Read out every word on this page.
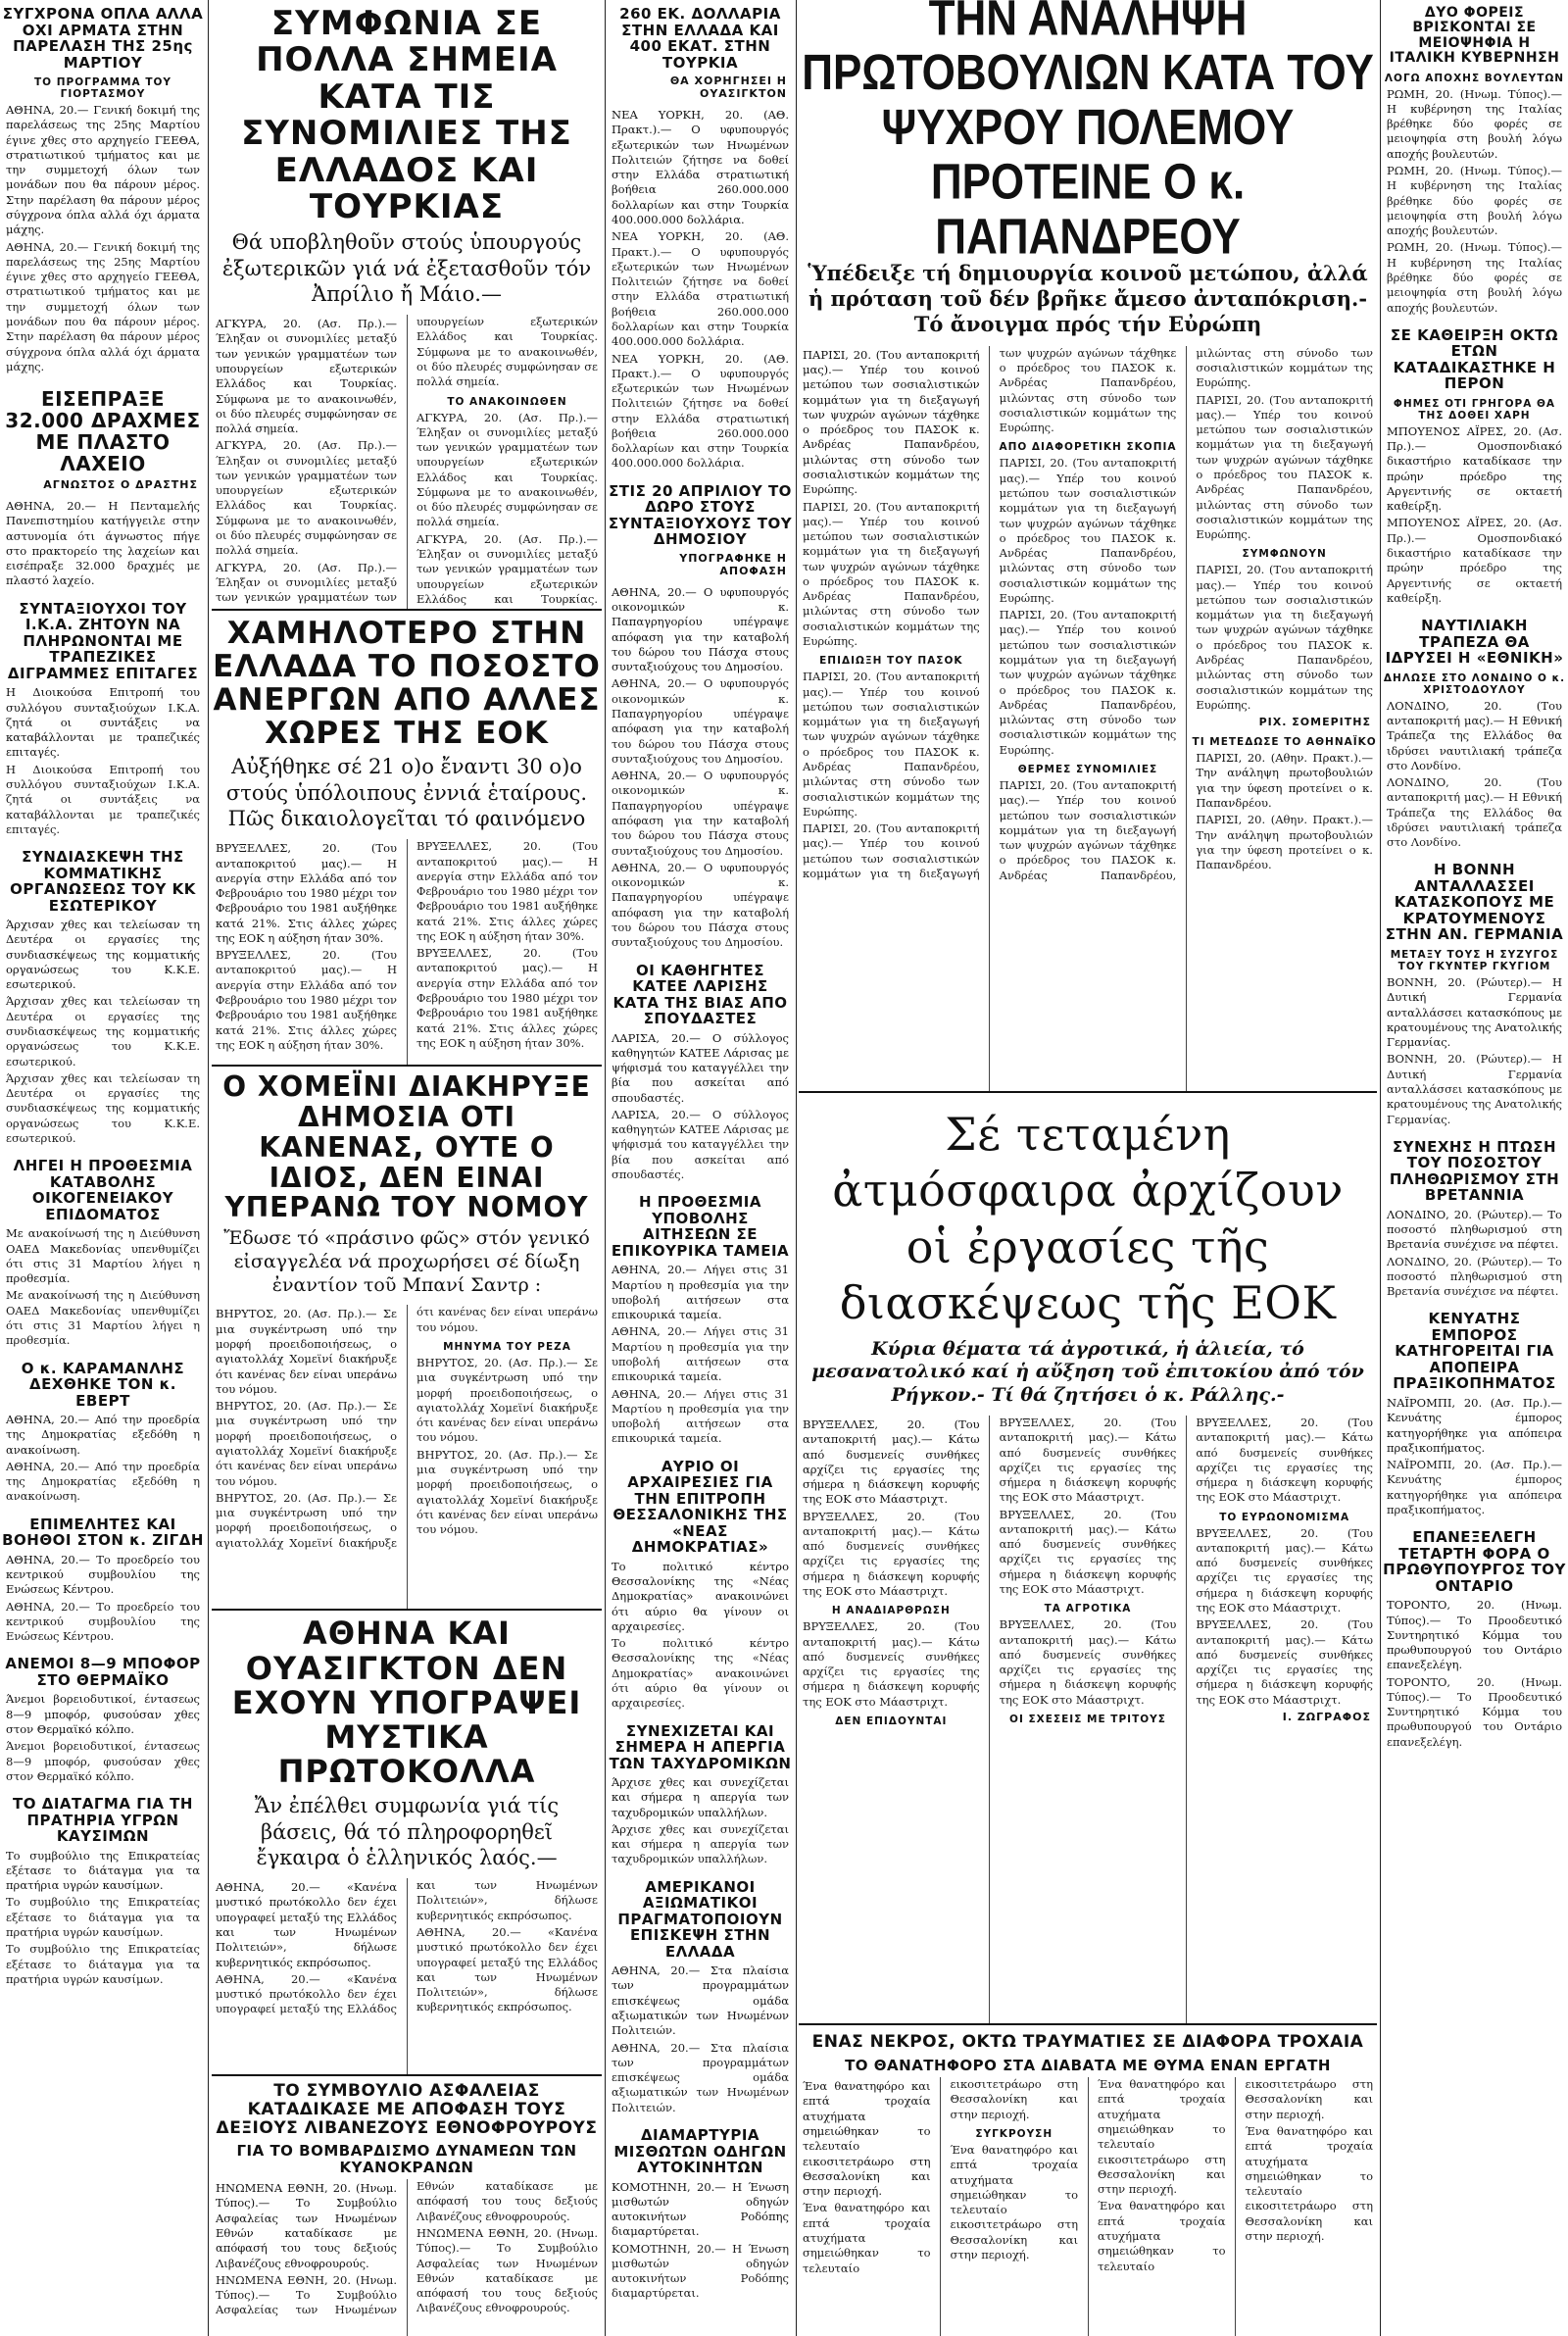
ΣΥΓΧΡΟΝΑ ΟΠΛΑ ΑΛΛΑ ΟΧΙ ΑΡΜΑΤΑ ΣΤΗΝ ΠΑΡΕΛΑΣΗ ΤΗΣ 25ης ΜΑΡΤΙΟΥ
ΤΟ ΠΡΟΓΡΑΜΜΑ ΤΟΥ ΓΙΟΡΤΑΣΜΟΥ
ΑΘΗΝΑ, 20.— Γενική δοκιμή της παρελάσεως της 25ης Μαρτίου έγινε χθες στο αρχηγείο ΓΕΕΘΑ, στρατιωτικού τμήματος και με την συμμετοχή όλων των μονάδων που θα πάρουν μέρος. Στην παρέλαση θα πάρουν μέρος σύγχρονα όπλα αλλά όχι άρματα μάχης.
ΑΘΗΝΑ, 20.— Γενική δοκιμή της παρελάσεως της 25ης Μαρτίου έγινε χθες στο αρχηγείο ΓΕΕΘΑ, στρατιωτικού τμήματος και με την συμμετοχή όλων των μονάδων που θα πάρουν μέρος. Στην παρέλαση θα πάρουν μέρος σύγχρονα όπλα αλλά όχι άρματα μάχης.
ΕΙΣΕΠΡΑΞΕ 32.000 ΔΡΑΧΜΕΣ ΜΕ ΠΛΑΣΤΟ ΛΑΧΕΙΟ
ΑΓΝΩΣΤΟΣ Ο ΔΡΑΣΤΗΣ
ΑΘΗΝΑ, 20.— Η Πενταμελής Πανεπιστημίου κατήγγειλε στην αστυνομία ότι άγνωστος πήγε στο πρακτορείο της λαχείων και εισέπραξε 32.000 δραχμές με πλαστό λαχείο.
ΣΥΝΤΑΞΙΟΥΧΟΙ ΤΟΥ Ι.Κ.Α. ΖΗΤΟΥΝ ΝΑ ΠΛΗΡΩΝΟΝΤΑΙ ΜΕ ΤΡΑΠΕΖΙΚΕΣ ΔΙΓΡΑΜΜΕΣ ΕΠΙΤΑΓΕΣ
Η Διοικούσα Επιτροπή του συλλόγου συνταξιούχων Ι.Κ.Α. ζητά οι συντάξεις να καταβάλλονται με τραπεζικές επιταγές.
Η Διοικούσα Επιτροπή του συλλόγου συνταξιούχων Ι.Κ.Α. ζητά οι συντάξεις να καταβάλλονται με τραπεζικές επιταγές.
ΣΥΝΔΙΑΣΚΕΨΗ ΤΗΣ ΚΟΜΜΑΤΙΚΗΣ ΟΡΓΑΝΩΣΕΩΣ ΤΟΥ ΚΚ ΕΣΩΤΕΡΙΚΟΥ
Άρχισαν χθες και τελείωσαν τη Δευτέρα οι εργασίες της συνδιασκέψεως της κομματικής οργανώσεως του Κ.Κ.Ε. εσωτερικού.
Άρχισαν χθες και τελείωσαν τη Δευτέρα οι εργασίες της συνδιασκέψεως της κομματικής οργανώσεως του Κ.Κ.Ε. εσωτερικού.
Άρχισαν χθες και τελείωσαν τη Δευτέρα οι εργασίες της συνδιασκέψεως της κομματικής οργανώσεως του Κ.Κ.Ε. εσωτερικού.
ΛΗΓΕΙ Η ΠΡΟΘΕΣΜΙΑ ΚΑΤΑΒΟΛΗΣ ΟΙΚΟΓΕΝΕΙΑΚΟΥ ΕΠΙΔΟΜΑΤΟΣ
Με ανακοίνωσή της η Διεύθυνση ΟΑΕΔ Μακεδονίας υπενθυμίζει ότι στις 31 Μαρτίου λήγει η προθεσμία.
Με ανακοίνωσή της η Διεύθυνση ΟΑΕΔ Μακεδονίας υπενθυμίζει ότι στις 31 Μαρτίου λήγει η προθεσμία.
Ο κ. ΚΑΡΑΜΑΝΛΗΣ ΔΕΧΘΗΚΕ ΤΟΝ κ. ΕΒΕΡΤ
ΑΘΗΝΑ, 20.— Από την προεδρία της Δημοκρατίας εξεδόθη η ανακοίνωση.
ΑΘΗΝΑ, 20.— Από την προεδρία της Δημοκρατίας εξεδόθη η ανακοίνωση.
ΕΠΙΜΕΛΗΤΕΣ ΚΑΙ ΒΟΗΘΟΙ ΣΤΟΝ κ. ΖΙΓΔΗ
ΑΘΗΝΑ, 20.— Το προεδρείο του κεντρικού συμβουλίου της Ενώσεως Κέντρου.
ΑΘΗΝΑ, 20.— Το προεδρείο του κεντρικού συμβουλίου της Ενώσεως Κέντρου.
ΑΝΕΜΟΙ 8—9 ΜΠΟΦΟΡ ΣΤΟ ΘΕΡΜΑΪΚΟ
Άνεμοι βορειοδυτικοί, έντασεως 8—9 μποφόρ, φυσούσαν χθες στον Θερμαϊκό κόλπο.
Άνεμοι βορειοδυτικοί, έντασεως 8—9 μποφόρ, φυσούσαν χθες στον Θερμαϊκό κόλπο.
ΤΟ ΔΙΑΤΑΓΜΑ ΓΙΑ ΤΗ ΠΡΑΤΗΡΙΑ ΥΓΡΩΝ ΚΑΥΣΙΜΩΝ
Το συμβούλιο της Επικρατείας εξέτασε το διάταγμα για τα πρατήρια υγρών καυσίμων.
Το συμβούλιο της Επικρατείας εξέτασε το διάταγμα για τα πρατήρια υγρών καυσίμων.
Το συμβούλιο της Επικρατείας εξέτασε το διάταγμα για τα πρατήρια υγρών καυσίμων.
ΣΥΜΦΩΝΙΑ ΣΕ ΠΟΛΛΑ ΣΗΜΕΙΑ ΚΑΤΑ ΤΙΣ ΣΥΝΟΜΙΛΙΕΣ ΤΗΣ ΕΛΛΑΔΟΣ ΚΑΙ ΤΟΥΡΚΙΑΣ
Θά υποβληθοῦν στούς ὑπουργούς ἐξωτερικῶν γιά νά ἐξετασθοῦν τόν Ἀπρίλιο ἤ Μάιο.—
ΑΓΚΥΡΑ, 20. (Ασ. Πρ.).— Έληξαν οι συνομιλίες μεταξύ των γενικών γραμματέων των υπουργείων εξωτερικών Ελλάδος και Τουρκίας. Σύμφωνα με το ανακοινωθέν, οι δύο πλευρές συμφώνησαν σε πολλά σημεία.
ΑΓΚΥΡΑ, 20. (Ασ. Πρ.).— Έληξαν οι συνομιλίες μεταξύ των γενικών γραμματέων των υπουργείων εξωτερικών Ελλάδος και Τουρκίας. Σύμφωνα με το ανακοινωθέν, οι δύο πλευρές συμφώνησαν σε πολλά σημεία.
ΑΓΚΥΡΑ, 20. (Ασ. Πρ.).— Έληξαν οι συνομιλίες μεταξύ των γενικών γραμματέων των υπουργείων εξωτερικών Ελλάδος και Τουρκίας. Σύμφωνα με το ανακοινωθέν, οι δύο πλευρές συμφώνησαν σε πολλά σημεία.
ΤΟ ΑΝΑΚΟΙΝΩΘΕΝ
ΑΓΚΥΡΑ, 20. (Ασ. Πρ.).— Έληξαν οι συνομιλίες μεταξύ των γενικών γραμματέων των υπουργείων εξωτερικών Ελλάδος και Τουρκίας. Σύμφωνα με το ανακοινωθέν, οι δύο πλευρές συμφώνησαν σε πολλά σημεία.
ΑΓΚΥΡΑ, 20. (Ασ. Πρ.).— Έληξαν οι συνομιλίες μεταξύ των γενικών γραμματέων των υπουργείων εξωτερικών Ελλάδος και Τουρκίας.
ΧΑΜΗΛΟΤΕΡΟ ΣΤΗΝ ΕΛΛΑΔΑ ΤΟ ΠΟΣΟΣΤΟ ΑΝΕΡΓΩΝ ΑΠΟ ΑΛΛΕΣ ΧΩΡΕΣ ΤΗΣ ΕΟΚ
Αὐξήθηκε σέ 21 ο)ο ἔναντι 30 ο)ο στούς ὑπόλοιπους ἐννιά ἑταίρους. Πῶς δικαιολογεῖται τό φαινόμενο
ΒΡΥΞΕΛΛΕΣ, 20. (Του ανταποκριτού μας).— Η ανεργία στην Ελλάδα από τον Φεβρουάριο του 1980 μέχρι τον Φεβρουάριο του 1981 αυξήθηκε κατά 21%. Στις άλλες χώρες της ΕΟΚ η αύξηση ήταν 30%.
ΒΡΥΞΕΛΛΕΣ, 20. (Του ανταποκριτού μας).— Η ανεργία στην Ελλάδα από τον Φεβρουάριο του 1980 μέχρι τον Φεβρουάριο του 1981 αυξήθηκε κατά 21%. Στις άλλες χώρες της ΕΟΚ η αύξηση ήταν 30%.
ΒΡΥΞΕΛΛΕΣ, 20. (Του ανταποκριτού μας).— Η ανεργία στην Ελλάδα από τον Φεβρουάριο του 1980 μέχρι τον Φεβρουάριο του 1981 αυξήθηκε κατά 21%. Στις άλλες χώρες της ΕΟΚ η αύξηση ήταν 30%.
ΒΡΥΞΕΛΛΕΣ, 20. (Του ανταποκριτού μας).— Η ανεργία στην Ελλάδα από τον Φεβρουάριο του 1980 μέχρι τον Φεβρουάριο του 1981 αυξήθηκε κατά 21%. Στις άλλες χώρες της ΕΟΚ η αύξηση ήταν 30%.
Ο ΧΟΜΕΪΝΙ ΔΙΑΚΗΡΥΞΕ ΔΗΜΟΣΙΑ ΟΤΙ ΚΑΝΕΝΑΣ, ΟΥΤΕ Ο ΙΔΙΟΣ, ΔΕΝ ΕΙΝΑΙ ΥΠΕΡΑΝΩ ΤΟΥ ΝΟΜΟΥ
Ἔδωσε τό «πράσινο φῶς» στόν γενικό εἰσαγγελέα νά προχωρήσει σέ δίωξη ἐναντίον τοῦ Μπανί Σαντρ :
ΒΗΡΥΤΟΣ, 20. (Ασ. Πρ.).— Σε μια συγκέντρωση υπό την μορφή προειδοποιήσεως, ο αγιατολλάχ Χομεϊνί διακήρυξε ότι κανένας δεν είναι υπεράνω του νόμου.
ΒΗΡΥΤΟΣ, 20. (Ασ. Πρ.).— Σε μια συγκέντρωση υπό την μορφή προειδοποιήσεως, ο αγιατολλάχ Χομεϊνί διακήρυξε ότι κανένας δεν είναι υπεράνω του νόμου.
ΒΗΡΥΤΟΣ, 20. (Ασ. Πρ.).— Σε μια συγκέντρωση υπό την μορφή προειδοποιήσεως, ο αγιατολλάχ Χομεϊνί διακήρυξε ότι κανένας δεν είναι υπεράνω του νόμου.
ΜΗΝΥΜΑ ΤΟΥ ΡΕΖΑ
ΒΗΡΥΤΟΣ, 20. (Ασ. Πρ.).— Σε μια συγκέντρωση υπό την μορφή προειδοποιήσεως, ο αγιατολλάχ Χομεϊνί διακήρυξε ότι κανένας δεν είναι υπεράνω του νόμου.
ΒΗΡΥΤΟΣ, 20. (Ασ. Πρ.).— Σε μια συγκέντρωση υπό την μορφή προειδοποιήσεως, ο αγιατολλάχ Χομεϊνί διακήρυξε ότι κανένας δεν είναι υπεράνω του νόμου.
ΑΘΗΝΑ ΚΑΙ ΟΥΑΣΙΓΚΤΟΝ ΔΕΝ ΕΧΟΥΝ ΥΠΟΓΡΑΨΕΙ ΜΥΣΤΙΚΑ ΠΡΩΤΟΚΟΛΛΑ
Ἄν ἐπέλθει συμφωνία γιά τίς βάσεις, θά τό πληροφορηθεῖ ἔγκαιρα ὁ ἑλληνικός λαός.—
ΑΘΗΝΑ, 20.— «Κανένα μυστικό πρωτόκολλο δεν έχει υπογραφεί μεταξύ της Ελλάδος και των Ηνωμένων Πολιτειών», δήλωσε κυβερνητικός εκπρόσωπος.
ΑΘΗΝΑ, 20.— «Κανένα μυστικό πρωτόκολλο δεν έχει υπογραφεί μεταξύ της Ελλάδος και των Ηνωμένων Πολιτειών», δήλωσε κυβερνητικός εκπρόσωπος.
ΑΘΗΝΑ, 20.— «Κανένα μυστικό πρωτόκολλο δεν έχει υπογραφεί μεταξύ της Ελλάδος και των Ηνωμένων Πολιτειών», δήλωσε κυβερνητικός εκπρόσωπος.
ΤΟ ΣΥΜΒΟΥΛΙΟ ΑΣΦΑΛΕΙΑΣ ΚΑΤΑΔΙΚΑΣΕ ΜΕ ΑΠΟΦΑΣΗ ΤΟΥΣ ΔΕΞΙΟΥΣ ΛΙΒΑΝΕΖΟΥΣ ΕΘΝΟΦΡΟΥΡΟΥΣ
ΓΙΑ ΤΟ ΒΟΜΒΑΡΔΙΣΜΟ ΔΥΝΑΜΕΩΝ ΤΩΝ ΚΥΑΝΟΚΡΑΝΩΝ
ΗΝΩΜΕΝΑ ΕΘΝΗ, 20. (Ηνωμ. Τύπος).— Το Συμβούλιο Ασφαλείας των Ηνωμένων Εθνών καταδίκασε με απόφασή του τους δεξιούς Λιβανέζους εθνοφρουρούς.
ΗΝΩΜΕΝΑ ΕΘΝΗ, 20. (Ηνωμ. Τύπος).— Το Συμβούλιο Ασφαλείας των Ηνωμένων Εθνών καταδίκασε με απόφασή του τους δεξιούς Λιβανέζους εθνοφρουρούς.
ΗΝΩΜΕΝΑ ΕΘΝΗ, 20. (Ηνωμ. Τύπος).— Το Συμβούλιο Ασφαλείας των Ηνωμένων Εθνών καταδίκασε με απόφασή του τους δεξιούς Λιβανέζους εθνοφρουρούς.
260 ΕΚ. ΔΟΛΛΑΡΙΑ ΣΤΗΝ ΕΛΛΑΔΑ ΚΑΙ 400 ΕΚΑΤ. ΣΤΗΝ ΤΟΥΡΚΙΑ
ΘΑ ΧΟΡΗΓΗΣΕΙ Η ΟΥΑΣΙΓΚΤΟΝ
ΝΕΑ ΥΟΡΚΗ, 20. (ΑΘ. Πρακτ.).— Ο υφυπουργός εξωτερικών των Ηνωμένων Πολιτειών ζήτησε να δοθεί στην Ελλάδα στρατιωτική βοήθεια 260.000.000 δολλαρίων και στην Τουρκία 400.000.000 δολλάρια.
ΝΕΑ ΥΟΡΚΗ, 20. (ΑΘ. Πρακτ.).— Ο υφυπουργός εξωτερικών των Ηνωμένων Πολιτειών ζήτησε να δοθεί στην Ελλάδα στρατιωτική βοήθεια 260.000.000 δολλαρίων και στην Τουρκία 400.000.000 δολλάρια.
ΝΕΑ ΥΟΡΚΗ, 20. (ΑΘ. Πρακτ.).— Ο υφυπουργός εξωτερικών των Ηνωμένων Πολιτειών ζήτησε να δοθεί στην Ελλάδα στρατιωτική βοήθεια 260.000.000 δολλαρίων και στην Τουρκία 400.000.000 δολλάρια.
ΣΤΙΣ 20 ΑΠΡΙΛΙΟΥ ΤΟ ΔΩΡΟ ΣΤΟΥΣ ΣΥΝΤΑΞΙΟΥΧΟΥΣ ΤΟΥ ΔΗΜΟΣΙΟΥ
ΥΠΟΓΡΑΦΗΚΕ Η ΑΠΟΦΑΣΗ
ΑΘΗΝΑ, 20.— Ο υφυπουργός οικονομικών κ. Παπαγρηγορίου υπέγραψε απόφαση για την καταβολή του δώρου του Πάσχα στους συνταξιούχους του Δημοσίου.
ΑΘΗΝΑ, 20.— Ο υφυπουργός οικονομικών κ. Παπαγρηγορίου υπέγραψε απόφαση για την καταβολή του δώρου του Πάσχα στους συνταξιούχους του Δημοσίου.
ΑΘΗΝΑ, 20.— Ο υφυπουργός οικονομικών κ. Παπαγρηγορίου υπέγραψε απόφαση για την καταβολή του δώρου του Πάσχα στους συνταξιούχους του Δημοσίου.
ΑΘΗΝΑ, 20.— Ο υφυπουργός οικονομικών κ. Παπαγρηγορίου υπέγραψε απόφαση για την καταβολή του δώρου του Πάσχα στους συνταξιούχους του Δημοσίου.
ΟΙ ΚΑΘΗΓΗΤΕΣ ΚΑΤΕΕ ΛΑΡΙΣΗΣ ΚΑΤΑ ΤΗΣ ΒΙΑΣ ΑΠΟ ΣΠΟΥΔΑΣΤΕΣ
ΛΑΡΙΣΑ, 20.— Ο σύλλογος καθηγητών ΚΑΤΕΕ Λάρισας με ψήφισμά του καταγγέλλει την βία που ασκείται από σπουδαστές.
ΛΑΡΙΣΑ, 20.— Ο σύλλογος καθηγητών ΚΑΤΕΕ Λάρισας με ψήφισμά του καταγγέλλει την βία που ασκείται από σπουδαστές.
Η ΠΡΟΘΕΣΜΙΑ ΥΠΟΒΟΛΗΣ ΑΙΤΗΣΕΩΝ ΣΕ ΕΠΙΚΟΥΡΙΚΑ ΤΑΜΕΙΑ
ΑΘΗΝΑ, 20.— Λήγει στις 31 Μαρτίου η προθεσμία για την υποβολή αιτήσεων στα επικουρικά ταμεία.
ΑΘΗΝΑ, 20.— Λήγει στις 31 Μαρτίου η προθεσμία για την υποβολή αιτήσεων στα επικουρικά ταμεία.
ΑΘΗΝΑ, 20.— Λήγει στις 31 Μαρτίου η προθεσμία για την υποβολή αιτήσεων στα επικουρικά ταμεία.
ΑΥΡΙΟ ΟΙ ΑΡΧΑΙΡΕΣΙΕΣ ΓΙΑ ΤΗΝ ΕΠΙΤΡΟΠΗ ΘΕΣΣΑΛΟΝΙΚΗΣ ΤΗΣ «ΝΕΑΣ ΔΗΜΟΚΡΑΤΙΑΣ»
Το πολιτικό κέντρο Θεσσαλονίκης της «Νέας Δημοκρατίας» ανακοινώνει ότι αύριο θα γίνουν οι αρχαιρεσίες.
Το πολιτικό κέντρο Θεσσαλονίκης της «Νέας Δημοκρατίας» ανακοινώνει ότι αύριο θα γίνουν οι αρχαιρεσίες.
ΣΥΝΕΧΙΖΕΤΑΙ ΚΑΙ ΣΗΜΕΡΑ Η ΑΠΕΡΓΙΑ ΤΩΝ ΤΑΧΥΔΡΟΜΙΚΩΝ
Άρχισε χθες και συνεχίζεται και σήμερα η απεργία των ταχυδρομικών υπαλλήλων.
Άρχισε χθες και συνεχίζεται και σήμερα η απεργία των ταχυδρομικών υπαλλήλων.
ΑΜΕΡΙΚΑΝΟΙ ΑΞΙΩΜΑΤΙΚΟΙ ΠΡΑΓΜΑΤΟΠΟΙΟΥΝ ΕΠΙΣΚΕΨΗ ΣΤΗΝ ΕΛΛΑΔΑ
ΑΘΗΝΑ, 20.— Στα πλαίσια των προγραμμάτων επισκέψεως ομάδα αξιωματικών των Ηνωμένων Πολιτειών.
ΑΘΗΝΑ, 20.— Στα πλαίσια των προγραμμάτων επισκέψεως ομάδα αξιωματικών των Ηνωμένων Πολιτειών.
ΔΙΑΜΑΡΤΥΡΙΑ ΜΙΣΘΩΤΩΝ ΟΔΗΓΩΝ ΑΥΤΟΚΙΝΗΤΩΝ
ΚΟΜΟΤΗΝΗ, 20.— Η Ένωση μισθωτών οδηγών αυτοκινήτων Ροδόπης διαμαρτύρεται.
ΚΟΜΟΤΗΝΗ, 20.— Η Ένωση μισθωτών οδηγών αυτοκινήτων Ροδόπης διαμαρτύρεται.
ΤΗΝ ΑΝΑΛΗΨΗ ΠΡΩΤΟΒΟΥΛΙΩΝ ΚΑΤΑ ΤΟΥ ΨΥΧΡΟΥ ΠΟΛΕΜΟΥ ΠΡΟΤΕΙΝΕ Ο κ. ΠΑΠΑΝΔΡΕΟΥ
Ὑπέδειξε τή δημιουργία κοινοῦ μετώπου, ἀλλά ἡ πρόταση τοῦ δέν βρῆκε ἄμεσο ἀνταπόκριση.-Τό ἄνοιγμα πρός τήν Εὐρώπη
ΠΑΡΙΣΙ, 20. (Του ανταποκριτή μας).— Υπέρ του κοινού μετώπου των σοσιαλιστικών κομμάτων για τη διεξαγωγή των ψυχρών αγώνων τάχθηκε ο πρόεδρος του ΠΑΣΟΚ κ. Ανδρέας Παπανδρέου, μιλώντας στη σύνοδο των σοσιαλιστικών κομμάτων της Ευρώπης.
ΠΑΡΙΣΙ, 20. (Του ανταποκριτή μας).— Υπέρ του κοινού μετώπου των σοσιαλιστικών κομμάτων για τη διεξαγωγή των ψυχρών αγώνων τάχθηκε ο πρόεδρος του ΠΑΣΟΚ κ. Ανδρέας Παπανδρέου, μιλώντας στη σύνοδο των σοσιαλιστικών κομμάτων της Ευρώπης.
ΕΠΙΔΙΩΞΗ ΤΟΥ ΠΑΣΟΚ
ΠΑΡΙΣΙ, 20. (Του ανταποκριτή μας).— Υπέρ του κοινού μετώπου των σοσιαλιστικών κομμάτων για τη διεξαγωγή των ψυχρών αγώνων τάχθηκε ο πρόεδρος του ΠΑΣΟΚ κ. Ανδρέας Παπανδρέου, μιλώντας στη σύνοδο των σοσιαλιστικών κομμάτων της Ευρώπης.
ΠΑΡΙΣΙ, 20. (Του ανταποκριτή μας).— Υπέρ του κοινού μετώπου των σοσιαλιστικών κομμάτων για τη διεξαγωγή των ψυχρών αγώνων τάχθηκε ο πρόεδρος του ΠΑΣΟΚ κ. Ανδρέας Παπανδρέου, μιλώντας στη σύνοδο των σοσιαλιστικών κομμάτων της Ευρώπης.
ΑΠΟ ΔΙΑΦΟΡΕΤΙΚΗ ΣΚΟΠΙΑ
ΠΑΡΙΣΙ, 20. (Του ανταποκριτή μας).— Υπέρ του κοινού μετώπου των σοσιαλιστικών κομμάτων για τη διεξαγωγή των ψυχρών αγώνων τάχθηκε ο πρόεδρος του ΠΑΣΟΚ κ. Ανδρέας Παπανδρέου, μιλώντας στη σύνοδο των σοσιαλιστικών κομμάτων της Ευρώπης.
ΠΑΡΙΣΙ, 20. (Του ανταποκριτή μας).— Υπέρ του κοινού μετώπου των σοσιαλιστικών κομμάτων για τη διεξαγωγή των ψυχρών αγώνων τάχθηκε ο πρόεδρος του ΠΑΣΟΚ κ. Ανδρέας Παπανδρέου, μιλώντας στη σύνοδο των σοσιαλιστικών κομμάτων της Ευρώπης.
ΘΕΡΜΕΣ ΣΥΝΟΜΙΛΙΕΣ
ΠΑΡΙΣΙ, 20. (Του ανταποκριτή μας).— Υπέρ του κοινού μετώπου των σοσιαλιστικών κομμάτων για τη διεξαγωγή των ψυχρών αγώνων τάχθηκε ο πρόεδρος του ΠΑΣΟΚ κ. Ανδρέας Παπανδρέου, μιλώντας στη σύνοδο των σοσιαλιστικών κομμάτων της Ευρώπης.
ΠΑΡΙΣΙ, 20. (Του ανταποκριτή μας).— Υπέρ του κοινού μετώπου των σοσιαλιστικών κομμάτων για τη διεξαγωγή των ψυχρών αγώνων τάχθηκε ο πρόεδρος του ΠΑΣΟΚ κ. Ανδρέας Παπανδρέου, μιλώντας στη σύνοδο των σοσιαλιστικών κομμάτων της Ευρώπης.
ΣΥΜΦΩΝΟΥΝ
ΠΑΡΙΣΙ, 20. (Του ανταποκριτή μας).— Υπέρ του κοινού μετώπου των σοσιαλιστικών κομμάτων για τη διεξαγωγή των ψυχρών αγώνων τάχθηκε ο πρόεδρος του ΠΑΣΟΚ κ. Ανδρέας Παπανδρέου, μιλώντας στη σύνοδο των σοσιαλιστικών κομμάτων της Ευρώπης.
ΡΙΧ. ΣΟΜΕΡΙΤΗΣ
ΤΙ ΜΕΤΕΔΩΣΕ ΤΟ ΑΘΗΝΑΪΚΟ
ΠΑΡΙΣΙ, 20. (Αθην. Πρακτ.).— Την ανάληψη πρωτοβουλιών για την ύφεση προτείνει ο κ. Παπανδρέου.
ΠΑΡΙΣΙ, 20. (Αθην. Πρακτ.).— Την ανάληψη πρωτοβουλιών για την ύφεση προτείνει ο κ. Παπανδρέου.
Σέ τεταμένη ἀτμόσφαιρα ἀρχίζουν οἱ ἐργασίες τῆς διασκέψεως τῆς ΕΟΚ
Κύρια θέματα τά ἀγροτικά, ἡ ἁλιεία, τό μεσανατολικό καί ἡ αὔξηση τοῦ ἐπιτοκίου ἀπό τόν Ρήγκον.- Τί θά ζητήσει ὁ κ. Ράλλης.-
ΒΡΥΞΕΛΛΕΣ, 20. (Του ανταποκριτή μας).— Κάτω από δυσμενείς συνθήκες αρχίζει τις εργασίες της σήμερα η διάσκεψη κορυφής της ΕΟΚ στο Μάαστριχτ.
ΒΡΥΞΕΛΛΕΣ, 20. (Του ανταποκριτή μας).— Κάτω από δυσμενείς συνθήκες αρχίζει τις εργασίες της σήμερα η διάσκεψη κορυφής της ΕΟΚ στο Μάαστριχτ.
Η ΑΝΑΔΙΑΡΘΡΩΣΗ
ΒΡΥΞΕΛΛΕΣ, 20. (Του ανταποκριτή μας).— Κάτω από δυσμενείς συνθήκες αρχίζει τις εργασίες της σήμερα η διάσκεψη κορυφής της ΕΟΚ στο Μάαστριχτ.
ΔΕΝ ΕΠΙΔΟΥΝΤΑΙ
ΒΡΥΞΕΛΛΕΣ, 20. (Του ανταποκριτή μας).— Κάτω από δυσμενείς συνθήκες αρχίζει τις εργασίες της σήμερα η διάσκεψη κορυφής της ΕΟΚ στο Μάαστριχτ.
ΒΡΥΞΕΛΛΕΣ, 20. (Του ανταποκριτή μας).— Κάτω από δυσμενείς συνθήκες αρχίζει τις εργασίες της σήμερα η διάσκεψη κορυφής της ΕΟΚ στο Μάαστριχτ.
ΤΑ ΑΓΡΟΤΙΚΑ
ΒΡΥΞΕΛΛΕΣ, 20. (Του ανταποκριτή μας).— Κάτω από δυσμενείς συνθήκες αρχίζει τις εργασίες της σήμερα η διάσκεψη κορυφής της ΕΟΚ στο Μάαστριχτ.
ΟΙ ΣΧΕΣΕΙΣ ΜΕ ΤΡΙΤΟΥΣ
ΒΡΥΞΕΛΛΕΣ, 20. (Του ανταποκριτή μας).— Κάτω από δυσμενείς συνθήκες αρχίζει τις εργασίες της σήμερα η διάσκεψη κορυφής της ΕΟΚ στο Μάαστριχτ.
ΤΟ ΕΥΡΩΟΝΟΜΙΣΜΑ
ΒΡΥΞΕΛΛΕΣ, 20. (Του ανταποκριτή μας).— Κάτω από δυσμενείς συνθήκες αρχίζει τις εργασίες της σήμερα η διάσκεψη κορυφής της ΕΟΚ στο Μάαστριχτ.
ΒΡΥΞΕΛΛΕΣ, 20. (Του ανταποκριτή μας).— Κάτω από δυσμενείς συνθήκες αρχίζει τις εργασίες της σήμερα η διάσκεψη κορυφής της ΕΟΚ στο Μάαστριχτ.
Ι. ΖΩΓΡΑΦΟΣ
ΕΝΑΣ ΝΕΚΡΟΣ, ΟΚΤΩ ΤΡΑΥΜΑΤΙΕΣ ΣΕ ΔΙΑΦΟΡΑ ΤΡΟΧΑΙΑ
ΤΟ ΘΑΝΑΤΗΦΟΡΟ ΣΤΑ ΔΙΑΒΑΤΑ ΜΕ ΘΥΜΑ ΕΝΑΝ ΕΡΓΑΤΗ
Ένα θανατηφόρο και επτά τροχαία ατυχήματα σημειώθηκαν το τελευταίο εικοσιτετράωρο στη Θεσσαλονίκη και στην περιοχή.
Ένα θανατηφόρο και επτά τροχαία ατυχήματα σημειώθηκαν το τελευταίο εικοσιτετράωρο στη Θεσσαλονίκη και στην περιοχή.
ΣΥΓΚΡΟΥΣΗ
Ένα θανατηφόρο και επτά τροχαία ατυχήματα σημειώθηκαν το τελευταίο εικοσιτετράωρο στη Θεσσαλονίκη και στην περιοχή.
Ένα θανατηφόρο και επτά τροχαία ατυχήματα σημειώθηκαν το τελευταίο εικοσιτετράωρο στη Θεσσαλονίκη και στην περιοχή.
Ένα θανατηφόρο και επτά τροχαία ατυχήματα σημειώθηκαν το τελευταίο εικοσιτετράωρο στη Θεσσαλονίκη και στην περιοχή.
Ένα θανατηφόρο και επτά τροχαία ατυχήματα σημειώθηκαν το τελευταίο εικοσιτετράωρο στη Θεσσαλονίκη και στην περιοχή.
ΔΥΟ ΦΟΡΕΙΣ ΒΡΙΣΚΟΝΤΑΙ ΣΕ ΜΕΙΟΨΗΦΙΑ Η ΙΤΑΛΙΚΗ ΚΥΒΕΡΝΗΣΗ
ΛΟΓΩ ΑΠΟΧΗΣ ΒΟΥΛΕΥΤΩΝ
ΡΩΜΗ, 20. (Ηνωμ. Τύπος).— Η κυβέρνηση της Ιταλίας βρέθηκε δύο φορές σε μειοψηφία στη βουλή λόγω αποχής βουλευτών.
ΡΩΜΗ, 20. (Ηνωμ. Τύπος).— Η κυβέρνηση της Ιταλίας βρέθηκε δύο φορές σε μειοψηφία στη βουλή λόγω αποχής βουλευτών.
ΡΩΜΗ, 20. (Ηνωμ. Τύπος).— Η κυβέρνηση της Ιταλίας βρέθηκε δύο φορές σε μειοψηφία στη βουλή λόγω αποχής βουλευτών.
ΣΕ ΚΑΘΕΙΡΞΗ ΟΚΤΩ ΕΤΩΝ ΚΑΤΑΔΙΚΑΣΤΗΚΕ Η ΠΕΡΟΝ
ΦΗΜΕΣ ΟΤΙ ΓΡΗΓΟΡΑ ΘΑ ΤΗΣ ΔΟΘΕΙ ΧΑΡΗ
ΜΠΟΥΕΝΟΣ ΑΪΡΕΣ, 20. (Ασ. Πρ.).— Ομοσπονδιακό δικαστήριο καταδίκασε την πρώην πρόεδρο της Αργεντινής σε οκταετή καθείρξη.
ΜΠΟΥΕΝΟΣ ΑΪΡΕΣ, 20. (Ασ. Πρ.).— Ομοσπονδιακό δικαστήριο καταδίκασε την πρώην πρόεδρο της Αργεντινής σε οκταετή καθείρξη.
ΝΑΥΤΙΛΙΑΚΗ ΤΡΑΠΕΖΑ ΘΑ ΙΔΡΥΣΕΙ Η «ΕΘΝΙΚΗ»
ΔΗΛΩΣΕ ΣΤΟ ΛΟΝΔΙΝΟ Ο κ. ΧΡΙΣΤΟΔΟΥΛΟΥ
ΛΟΝΔΙΝΟ, 20. (Του ανταποκριτή μας).— Η Εθνική Τράπεζα της Ελλάδος θα ιδρύσει ναυτιλιακή τράπεζα στο Λονδίνο.
ΛΟΝΔΙΝΟ, 20. (Του ανταποκριτή μας).— Η Εθνική Τράπεζα της Ελλάδος θα ιδρύσει ναυτιλιακή τράπεζα στο Λονδίνο.
Η ΒΟΝΝΗ ΑΝΤΑΛΛΑΣΣΕΙ ΚΑΤΑΣΚΟΠΟΥΣ ΜΕ ΚΡΑΤΟΥΜΕΝΟΥΣ ΣΤΗΝ ΑΝ. ΓΕΡΜΑΝΙΑ
ΜΕΤΑΞΥ ΤΟΥΣ Η ΣΥΖΥΓΟΣ ΤΟΥ ΓΚΥΝΤΕΡ ΓΚΥΓΙΟΜ
ΒΟΝΝΗ, 20. (Ρώυτερ).— Η Δυτική Γερμανία ανταλλάσσει κατασκόπους με κρατουμένους της Ανατολικής Γερμανίας.
ΒΟΝΝΗ, 20. (Ρώυτερ).— Η Δυτική Γερμανία ανταλλάσσει κατασκόπους με κρατουμένους της Ανατολικής Γερμανίας.
ΣΥΝΕΧΗΣ Η ΠΤΩΣΗ ΤΟΥ ΠΟΣΟΣΤΟΥ ΠΛΗΘΩΡΙΣΜΟΥ ΣΤΗ ΒΡΕΤΑΝΝΙΑ
ΛΟΝΔΙΝΟ, 20. (Ρώυτερ).— Το ποσοστό πληθωρισμού στη Βρετανία συνέχισε να πέφτει.
ΛΟΝΔΙΝΟ, 20. (Ρώυτερ).— Το ποσοστό πληθωρισμού στη Βρετανία συνέχισε να πέφτει.
ΚΕΝΥΑΤΗΣ ΕΜΠΟΡΟΣ ΚΑΤΗΓΟΡΕΙΤΑΙ ΓΙΑ ΑΠΟΠΕΙΡΑ ΠΡΑΞΙΚΟΠΗΜΑΤΟΣ
ΝΑΪΡΟΜΠΙ, 20. (Ασ. Πρ.).— Κενυάτης έμπορος κατηγορήθηκε για απόπειρα πραξικοπήματος.
ΝΑΪΡΟΜΠΙ, 20. (Ασ. Πρ.).— Κενυάτης έμπορος κατηγορήθηκε για απόπειρα πραξικοπήματος.
ΕΠΑΝΕΞΕΛΕΓΗ ΤΕΤΑΡΤΗ ΦΟΡΑ Ο ΠΡΩΘΥΠΟΥΡΓΟΣ ΤΟΥ ΟΝΤΑΡΙΟ
ΤΟΡΟΝΤΟ, 20. (Ηνωμ. Τύπος).— Το Προοδευτικό Συντηρητικό Κόμμα του πρωθυπουργού του Οντάριο επανεξελέγη.
ΤΟΡΟΝΤΟ, 20. (Ηνωμ. Τύπος).— Το Προοδευτικό Συντηρητικό Κόμμα του πρωθυπουργού του Οντάριο επανεξελέγη.
